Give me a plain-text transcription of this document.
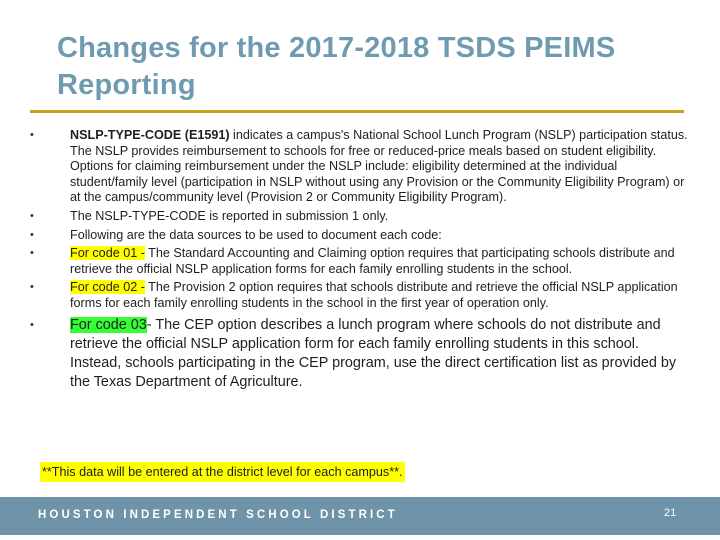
Changes for the 2017-2018 TSDS PEIMS Reporting
•	NSLP-TYPE-CODE (E1591) indicates a campus's National School Lunch Program (NSLP) participation status. The NSLP provides reimbursement to schools for free or reduced-price meals based on student eligibility. Options for claiming reimbursement under the NSLP include: eligibility determined at the individual student/family level (participation in NSLP without using any Provision or the Community Eligibility Program) or at the campus/community level (Provision 2 or Community Eligibility Program).
•	The NSLP-TYPE-CODE is reported in submission 1 only.
•	Following are the data sources to be used to document each code:
•	For code 01 - The Standard Accounting and Claiming option requires that participating schools distribute and retrieve the official NSLP application forms for each family enrolling students in the school.
•	For code 02 - The Provision 2 option requires that schools distribute and retrieve the official NSLP application forms for each family enrolling students in the school in the first year of operation only.
•	For code 03- The CEP option describes a lunch program where schools do not distribute and retrieve the official NSLP application form for each family enrolling students in this school. Instead, schools participating in the CEP program, use the direct certification list as provided by the Texas Department of Agriculture.
**This data will be entered at the district level for each campus**.
HOUSTON INDEPENDENT SCHOOL DISTRICT	21
